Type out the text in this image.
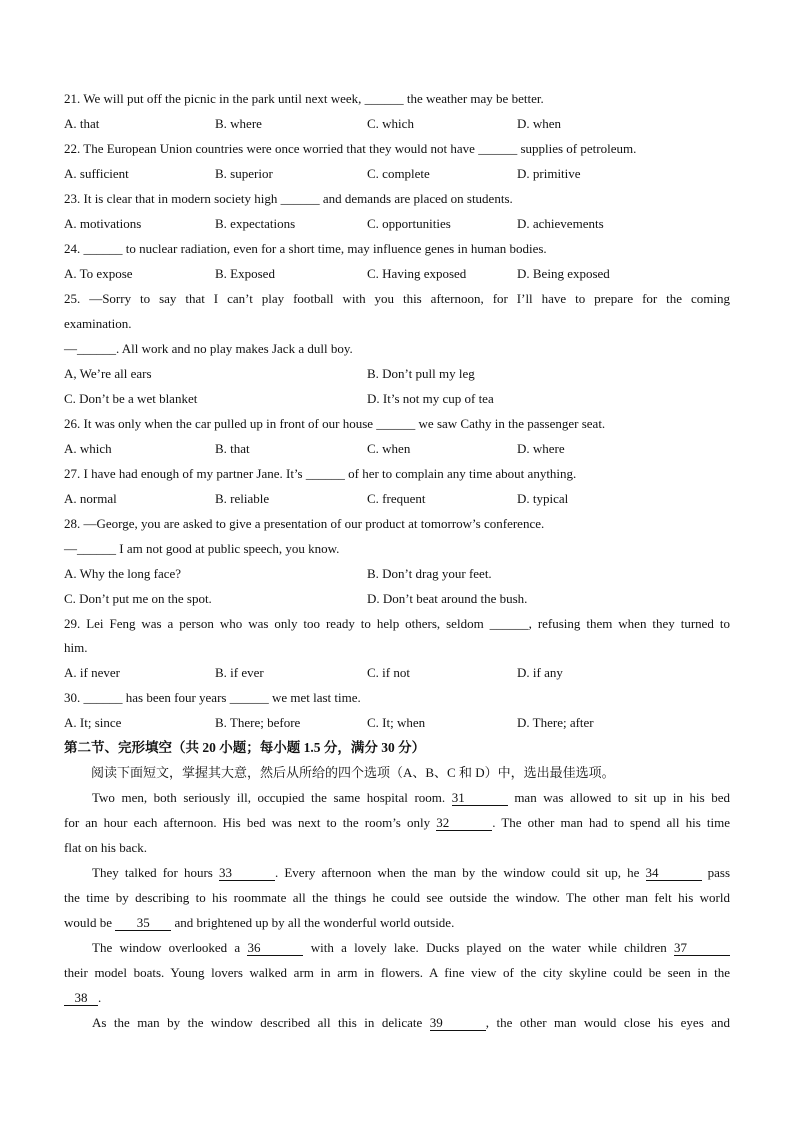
21. We will put off the picnic in the park until next week, ______ the weather may be better.
A. that	B. where	C. which	D. when
22. The European Union countries were once worried that they would not have ______ supplies of petroleum.
A. sufficient	B. superior	C. complete	D. primitive
23. It is clear that in modern society high ______ and demands are placed on students.
A. motivations	B. expectations	C. opportunities	D. achievements
24. ______ to nuclear radiation, even for a short time, may influence genes in human bodies.
A. To expose	B. Exposed	C. Having exposed	D. Being exposed
25. —Sorry to say that I can’t play football with you this afternoon, for I’ll have to prepare for the coming
examination.
—______. All work and no play makes Jack a dull boy.
A, We’re all ears	B. Don’t pull my leg
C. Don’t be a wet blanket	D. It’s not my cup of tea
26. It was only when the car pulled up in front of our house ______ we saw Cathy in the passenger seat.
A. which	B. that	C. when	D. where
27. I have had enough of my partner Jane. It’s ______ of her to complain any time about anything.
A. normal	B. reliable	C. frequent	D. typical
28. —George, you are asked to give a presentation of our product at tomorrow’s conference.
—______ I am not good at public speech, you know.
A. Why the long face?	B. Don’t drag your feet.
C. Don’t put me on the spot.	D. Don’t beat around the bush.
29. Lei Feng was a person who was only too ready to help others, seldom ______, refusing them when they turned to
him.
A. if never	B. if ever	C. if not	D. if any
30. ______ has been four years ______ we met last time.
A. It; since	B. There; before	C. It; when	D. There; after
第二节、完形填空（共 20 小题；每小题 1.5 分，满分 30 分）
阅读下面短文，掌握其大意，然后从所给的四个选项（A、B、C 和 D）中，选出最佳选项。
Two men, both seriously ill, occupied the same hospital room. 31	man was allowed to sit up in his bed
for an hour each afternoon. His bed was next to the room’s only 32	. The other man had to spend all his time
flat on his back.
They talked for hours 33	. Every afternoon when the man by the window could sit up, he 34	pass
the time by describing to his roommate all the things he could see outside the window. The other man felt his world
would be 35 and brightened up by all the wonderful world outside.
The window overlooked a 36	with a lovely lake. Ducks played on the water while children 37
their model boats. Young lovers walked arm in arm in flowers. A fine view of the city skyline could be seen in the
38 .
As the man by the window described all this in delicate 39	, the other man would close his eyes and
